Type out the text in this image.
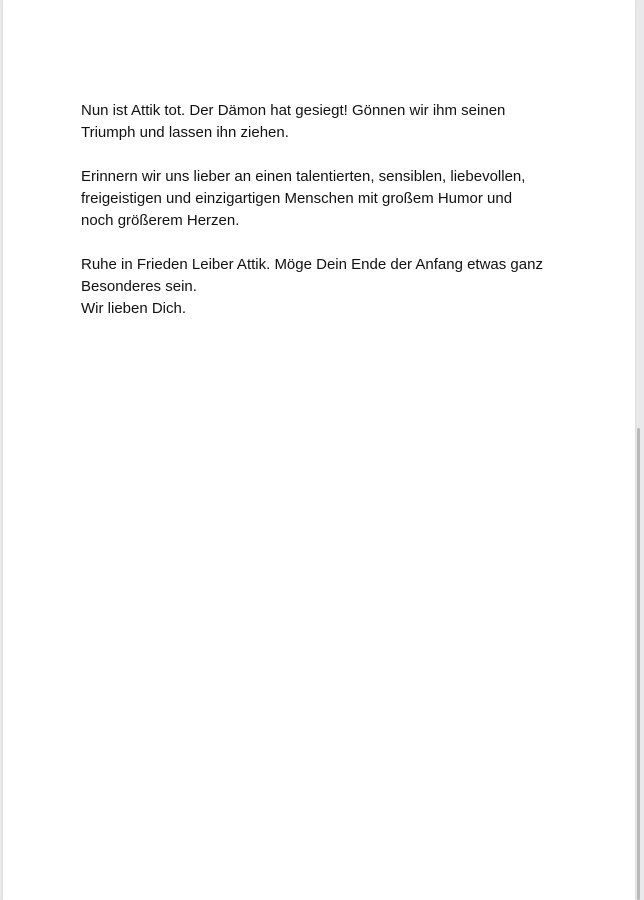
Nun ist Attik tot. Der Dämon hat gesiegt! Gönnen wir ihm seinen
Triumph und lassen ihn ziehen.

Erinnern wir uns lieber an einen talentierten, sensiblen, liebevollen,
freigeistigen und einzigartigen Menschen mit großem Humor und
noch größerem Herzen.

Ruhe in Frieden Leiber Attik. Möge Dein Ende der Anfang etwas ganz
Besonderes sein.
Wir lieben Dich.
